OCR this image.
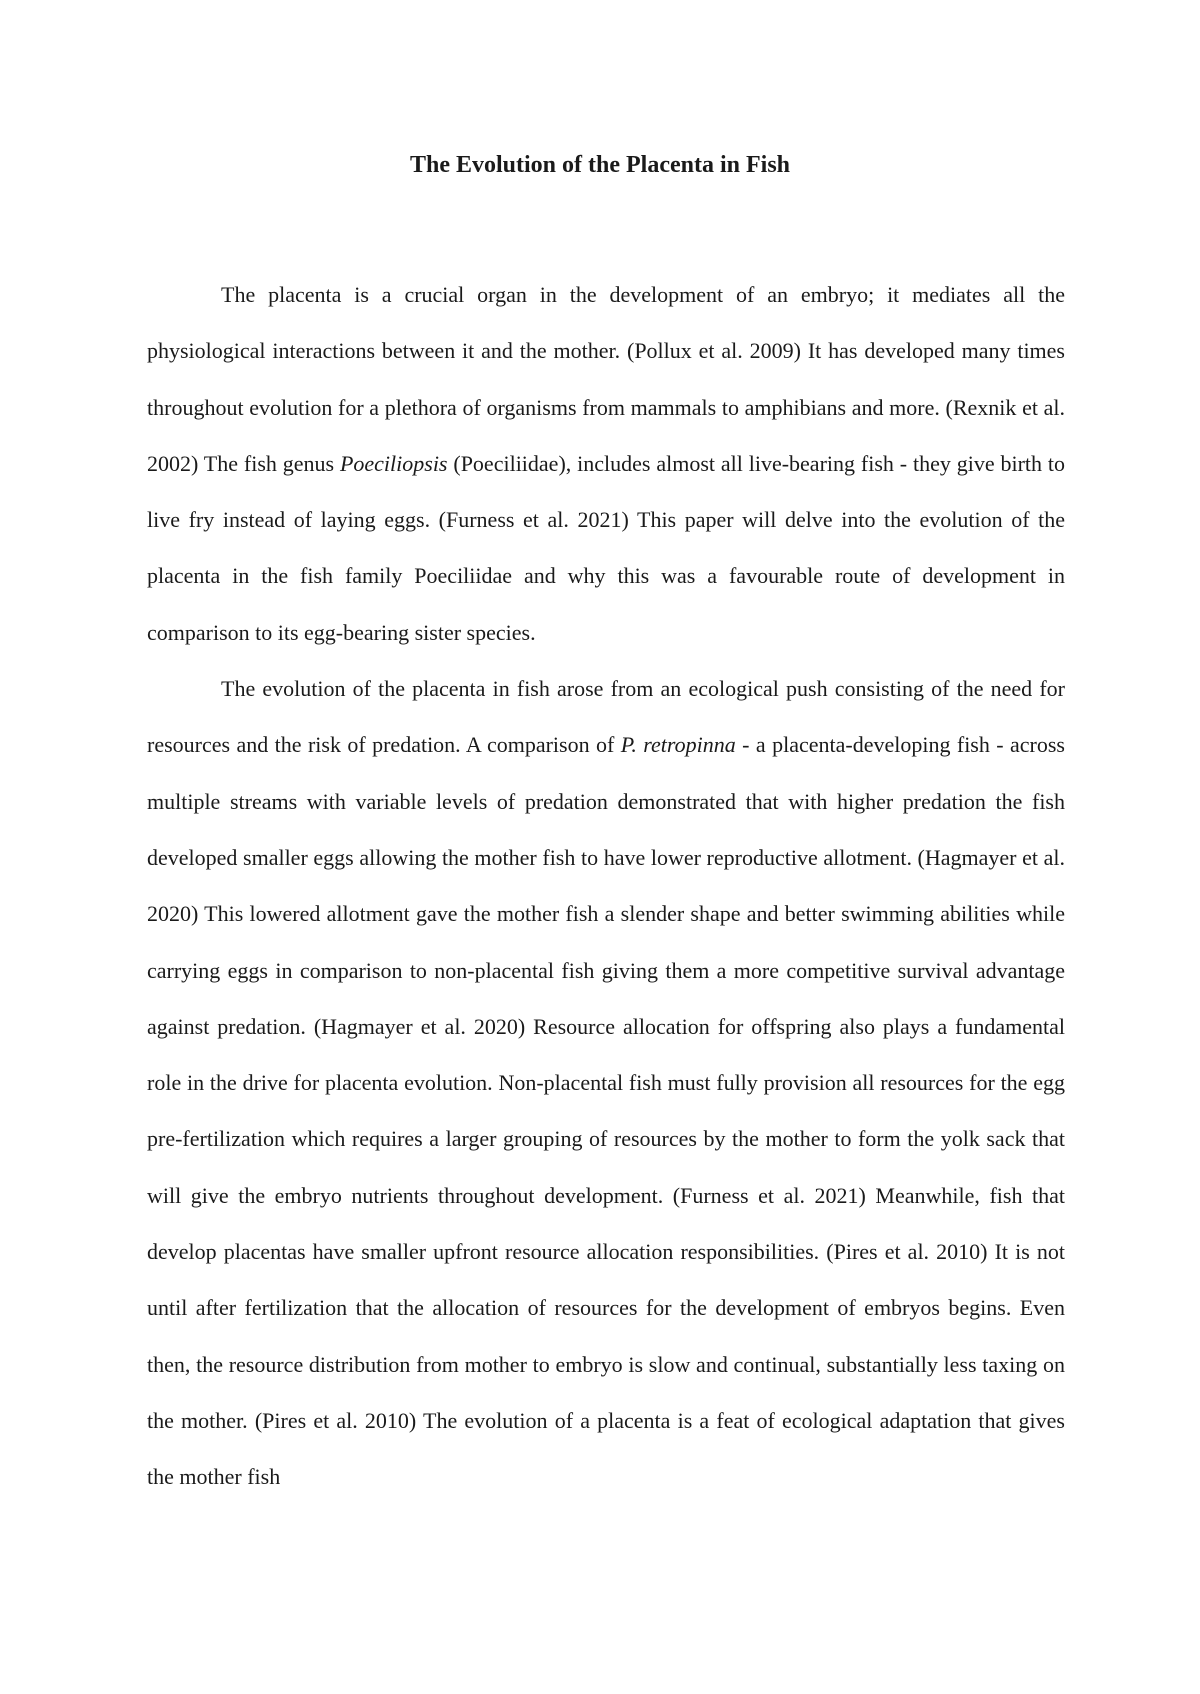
The Evolution of the Placenta in Fish

The placenta is a crucial organ in the development of an embryo; it mediates all the physiological interactions between it and the mother. (Pollux et al. 2009) It has developed many times throughout evolution for a plethora of organisms from mammals to amphibians and more. (Rexnik et al. 2002) The fish genus Poeciliopsis (Poeciliidae), includes almost all live-bearing fish - they give birth to live fry instead of laying eggs. (Furness et al. 2021) This paper will delve into the evolution of the placenta in the fish family Poeciliidae and why this was a favourable route of development in comparison to its egg-bearing sister species.

The evolution of the placenta in fish arose from an ecological push consisting of the need for resources and the risk of predation. A comparison of P. retropinna - a placenta-developing fish - across multiple streams with variable levels of predation demonstrated that with higher predation the fish developed smaller eggs allowing the mother fish to have lower reproductive allotment. (Hagmayer et al. 2020) This lowered allotment gave the mother fish a slender shape and better swimming abilities while carrying eggs in comparison to non-placental fish giving them a more competitive survival advantage against predation. (Hagmayer et al. 2020) Resource allocation for offspring also plays a fundamental role in the drive for placenta evolution. Non-placental fish must fully provision all resources for the egg pre-fertilization which requires a larger grouping of resources by the mother to form the yolk sack that will give the embryo nutrients throughout development. (Furness et al. 2021) Meanwhile, fish that develop placentas have smaller upfront resource allocation responsibilities. (Pires et al. 2010) It is not until after fertilization that the allocation of resources for the development of embryos begins. Even then, the resource distribution from mother to embryo is slow and continual, substantially less taxing on the mother. (Pires et al. 2010) The evolution of a placenta is a feat of ecological adaptation that gives the mother fish
